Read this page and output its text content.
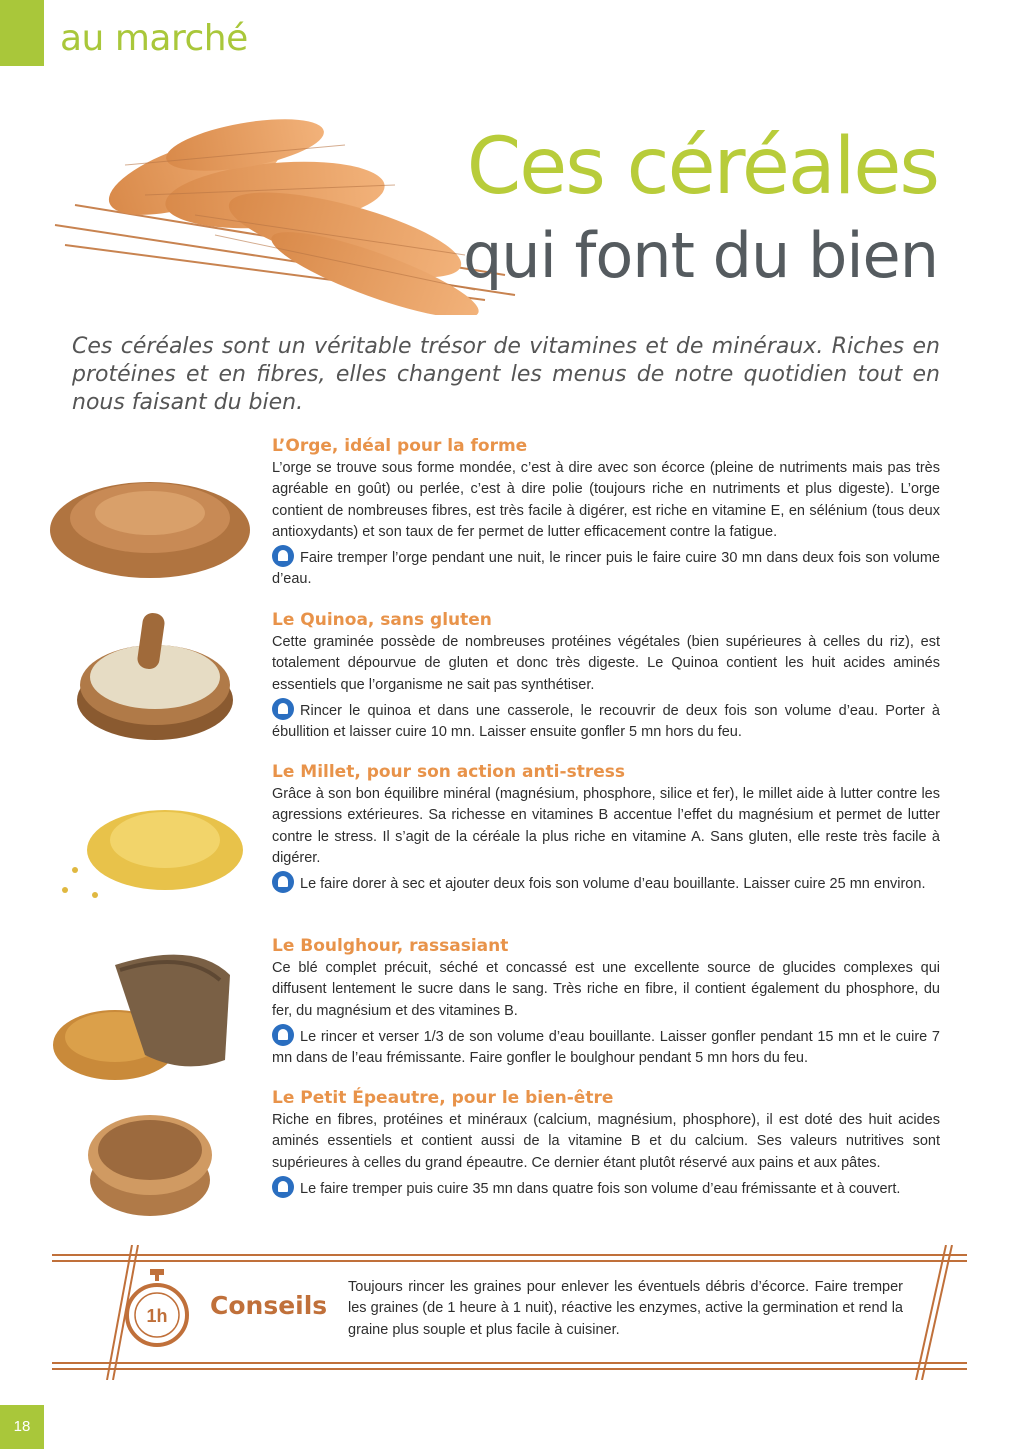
au marché
Ces céréales
qui font du bien
Ces céréales sont un véritable trésor de vitamines et de minéraux. Riches en protéines et en fibres, elles changent les menus de notre quotidien tout en nous faisant du bien.
L’Orge, idéal pour la forme
L’orge se trouve sous forme mondée, c’est à dire avec son écorce (pleine de nutriments mais pas très agréable en goût) ou perlée, c’est à dire polie (toujours riche en nutriments et plus digeste). L’orge contient de nombreuses fibres, est très facile à digérer, est riche en vitamine E, en sélénium (tous deux antioxydants) et son taux de fer permet de lutter efficacement contre la fatigue.
Faire tremper l’orge pendant une nuit, le rincer puis le faire cuire 30 mn dans deux fois son volume d’eau.
Le Quinoa, sans gluten
Cette graminée possède de nombreuses protéines végétales (bien supérieures à celles du riz), est totalement dépourvue de gluten et donc très digeste. Le Quinoa contient les huit acides aminés essentiels que l’organisme ne sait pas synthétiser.
Rincer le quinoa et dans une casserole, le recouvrir de deux fois son volume d’eau. Porter à ébullition et laisser cuire 10 mn. Laisser ensuite gonfler 5 mn hors du feu.
Le Millet, pour son action anti-stress
Grâce à son bon équilibre minéral (magnésium, phosphore, silice et fer), le millet aide à lutter contre les agressions extérieures. Sa richesse en vitamines B accentue l’effet du magnésium et permet de lutter contre le stress. Il s’agit de la céréale la plus riche en vitamine A. Sans gluten, elle reste très facile à digérer.
Le faire dorer à sec et ajouter deux fois son volume d’eau bouillante. Laisser cuire 25 mn environ.
Le Boulghour, rassasiant
Ce blé complet précuit, séché et concassé est une excellente source de glucides complexes qui diffusent lentement le sucre dans le sang. Très riche en fibre, il contient également du phosphore, du fer, du magnésium et des vitamines B.
Le rincer et verser 1/3 de son volume d’eau bouillante. Laisser gonfler pendant 15 mn et le cuire 7 mn dans de l’eau frémissante. Faire gonfler le boulghour pendant 5 mn hors du feu.
Le Petit Épeautre, pour le bien-être
Riche en fibres, protéines et minéraux (calcium, magnésium, phosphore), il est doté des huit acides aminés essentiels et contient aussi de la vitamine B et du calcium. Ses valeurs nutritives sont supérieures à celles du grand épeautre. Ce dernier étant plutôt réservé aux pains et aux pâtes.
Le faire tremper puis cuire 35 mn dans quatre fois son volume d’eau frémissante et à couvert.
1h Conseils
Toujours rincer les graines pour enlever les éventuels débris d’écorce. Faire tremper les graines (de 1 heure à 1 nuit), réactive les enzymes, active la germination et rend la graine plus souple et plus facile à cuisiner.
18
